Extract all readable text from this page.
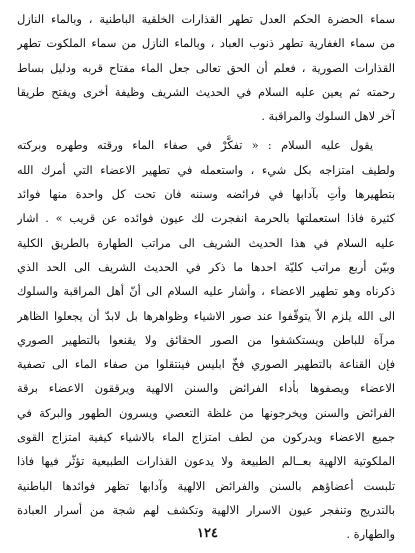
سماء الحضرة الحكم العدل تطهر القذارات الخلقية الباطنية ، وبالماء النازل
من سماء الغفارية تطهر ذنوب العباد ، وبالماء النازل من سماء الملكوت تطهر
القذارات الصورية ، فعلم أن الحق تعالى جعل الماء مفتاح قربه ودليل بساط
رحمته ثم يعين عليه السلام في الحديث الشريف وظيفة أخرى ويفتح طريقا
آخر لاهل السلوك والمراقبة .
يقول عليه السلام : « تفكَّرْ في صفاء الماء ورقته وطهره وبركته
ولطيف امتزاجه بكل شيء ، واستعمله في تطهير الاعضاء التي أمرك الله
بتطهيرها وأتِ بآدابها في فرائضه وسننه فان تحت كل واحدة منها فوائد
كثيرة فاذا استعملتها بالحرمة انفجرت لك عيون فوائده عن قريب » . اشار
عليه السلام في هذا الحديث الشريف الى مراتب الطهارة بالطريق الكلية
وبيّن أربع مراتب كليّة احدها ما ذكر في الحديث الشريف الى الحد الذي
ذكرناه وهو تطهير الاعضاء ، وأشار عليه السلام الى أنّ أهل المراقبة والسلوك
الى الله يلزم الاّ يتوقّفوا عند صور الاشياء وظواهرها بل لابدّ أن يجعلوا الظاهر
مرآة للباطن ويستكشفوا من الصور الحقائق ولا يقنعوا بالتطهير الصوري
فإن القناعة بالتطهير الصوري فخّ ابليس فينتقلوا من صفاء الماء الى تصفية
الاعضاء ويصفوها بأداء الفرائض والسنن الالهية ويرققون الاعضاء برقة
الفرائض والسنن ويخرجونها من غلظة التعصي ويسرون الطهور والبركة في
جميع الاعضاء ويدركون من لطف امتزاج الماء بالاشياء كيفية امتزاج القوى
الملكوتية الالهية بعــالم الطبيعة ولا يدعون القذارات الطبيعية تؤثّر فيها فاذا
تلبست أعضاؤهم بالسنن والفرائض الالهية وآدابها تظهر فوائدها الباطنية
بالتدريج وتنفجر عيون الاسرار الالهية وتكشف لهم شجة من أسرار العبادة
والطهارة .
١٢٤
